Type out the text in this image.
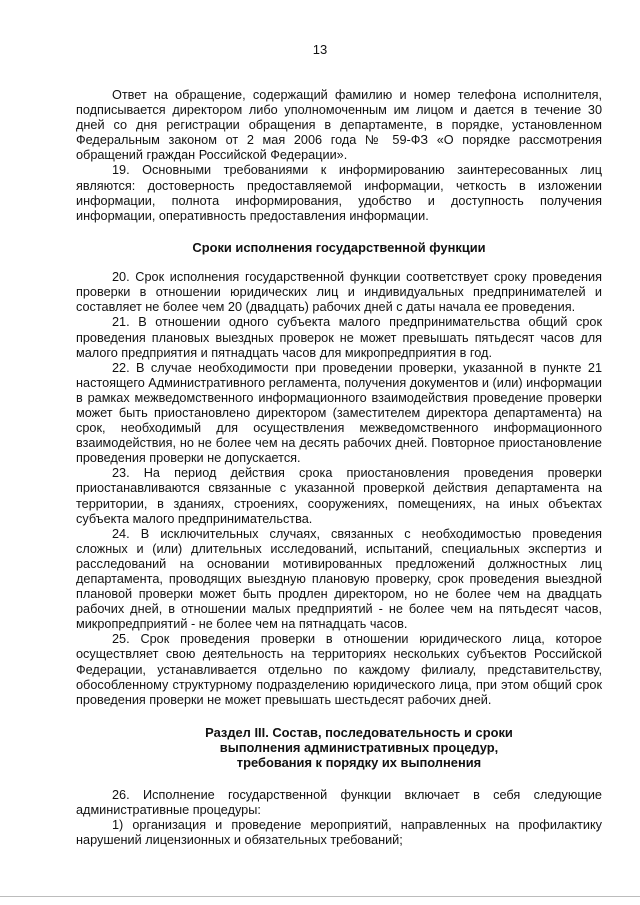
13

Ответ на обращение, содержащий фамилию и номер телефона исполнителя, подписывается директором либо уполномоченным им лицом и дается в течение 30 дней со дня регистрации обращения в департаменте, в порядке, установленном Федеральным законом от 2 мая 2006 года № 59-ФЗ «О порядке рассмотрения обращений граждан Российской Федерации».

19. Основными требованиями к информированию заинтересованных лиц являются: достоверность предоставляемой информации, четкость в изложении информации, полнота информирования, удобство и доступность получения информации, оперативность предоставления информации.

Сроки исполнения государственной функции

20. Срок исполнения государственной функции соответствует сроку проведения проверки в отношении юридических лиц и индивидуальных предпринимателей и составляет не более чем 20 (двадцать) рабочих дней с даты начала ее проведения.

21. В отношении одного субъекта малого предпринимательства общий срок проведения плановых выездных проверок не может превышать пятьдесят часов для малого предприятия и пятнадцать часов для микропредприятия в год.

22. В случае необходимости при проведении проверки, указанной в пункте 21 настоящего Административного регламента, получения документов и (или) информации в рамках межведомственного информационного взаимодействия проведение проверки может быть приостановлено директором (заместителем директора департамента) на срок, необходимый для осуществления межведомственного информационного взаимодействия, но не более чем на десять рабочих дней. Повторное приостановление проведения проверки не допускается.

23. На период действия срока приостановления проведения проверки приостанавливаются связанные с указанной проверкой действия департамента на территории, в зданиях, строениях, сооружениях, помещениях, на иных объектах субъекта малого предпринимательства.

24. В исключительных случаях, связанных с необходимостью проведения сложных и (или) длительных исследований, испытаний, специальных экспертиз и расследований на основании мотивированных предложений должностных лиц департамента, проводящих выездную плановую проверку, срок проведения выездной плановой проверки может быть продлен директором, но не более чем на двадцать рабочих дней, в отношении малых предприятий - не более чем на пятьдесят часов, микропредприятий - не более чем на пятнадцать часов.

25. Срок проведения проверки в отношении юридического лица, которое осуществляет свою деятельность на территориях нескольких субъектов Российской Федерации, устанавливается отдельно по каждому филиалу, представительству, обособленному структурному подразделению юридического лица, при этом общий срок проведения проверки не может превышать шестьдесят рабочих дней.

Раздел III. Состав, последовательность и сроки
выполнения административных процедур,
требования к порядку их выполнения

26. Исполнение государственной функции включает в себя следующие административные процедуры:

1) организация и проведение мероприятий, направленных на профилактику нарушений лицензионных и обязательных требований;
